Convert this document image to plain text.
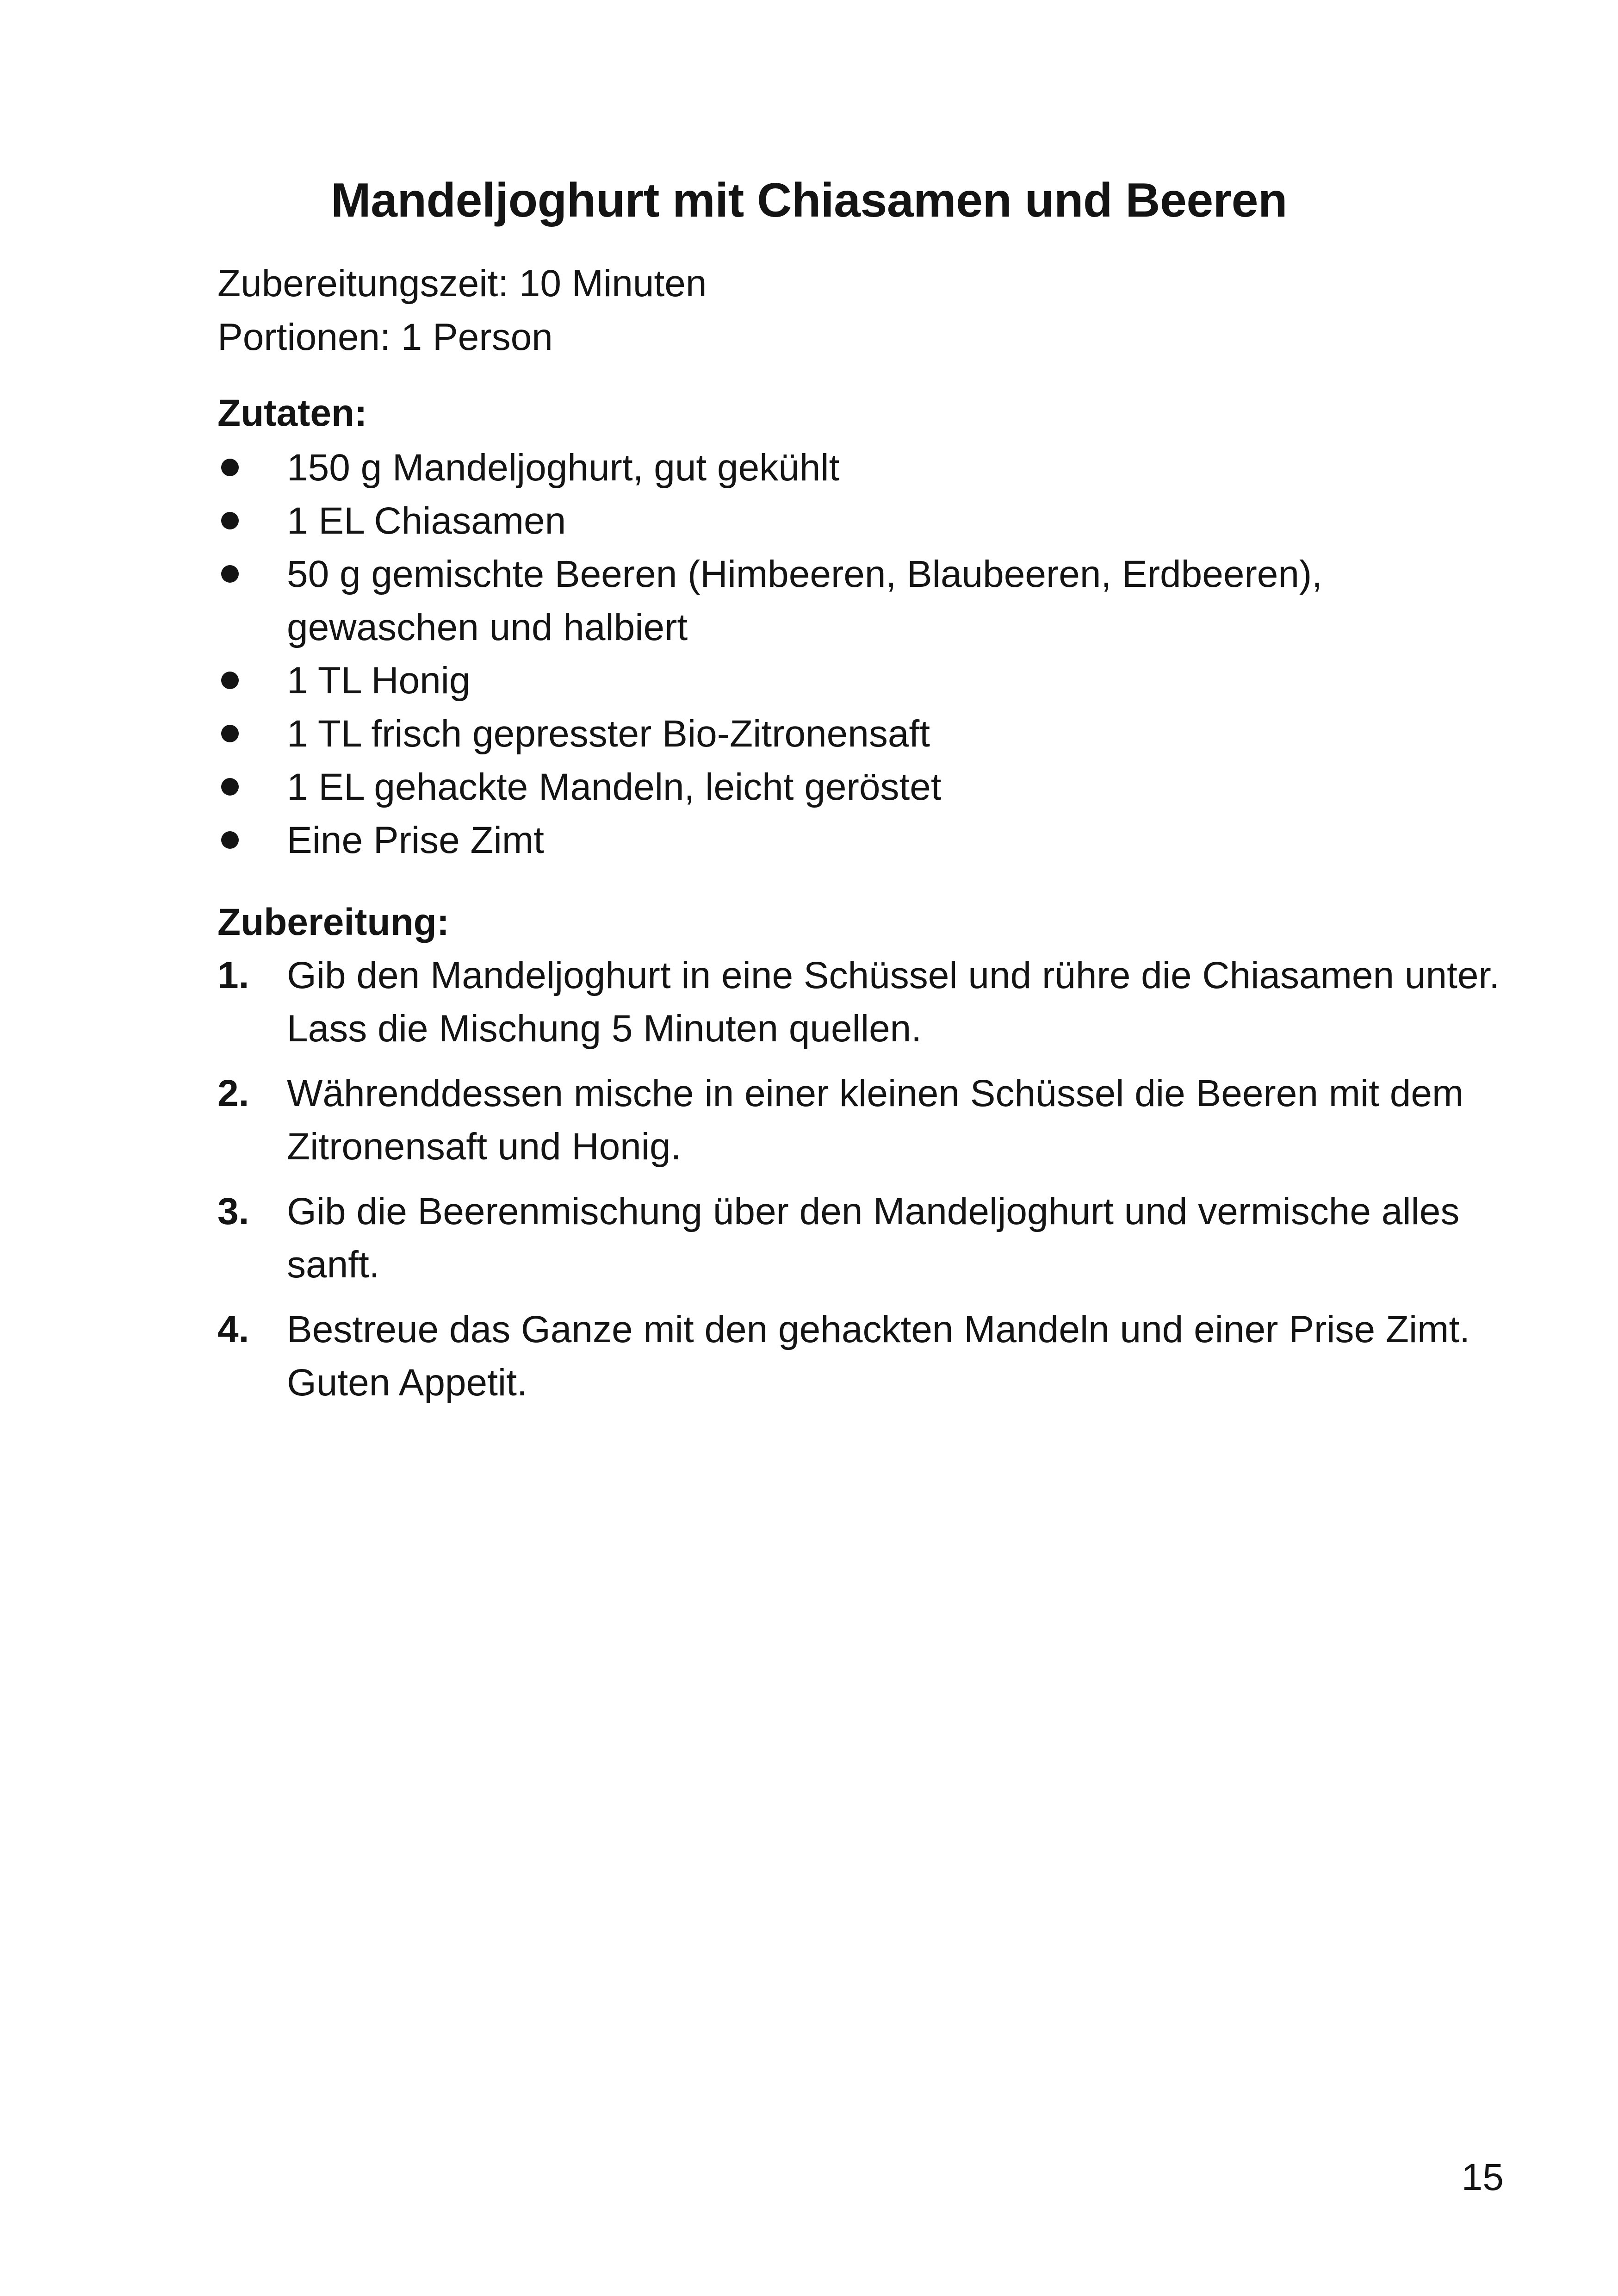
Mandeljoghurt mit Chiasamen und Beeren
Zubereitungszeit: 10 Minuten
Portionen: 1 Person
Zutaten:
150 g Mandeljoghurt, gut gekühlt
1 EL Chiasamen
50 g gemischte Beeren (Himbeeren, Blaubeeren, Erdbeeren), gewaschen und halbiert
1 TL Honig
1 TL frisch gepresster Bio-Zitronensaft
1 EL gehackte Mandeln, leicht geröstet
Eine Prise Zimt
Zubereitung:
1. Gib den Mandeljoghurt in eine Schüssel und rühre die Chiasamen unter. Lass die Mischung 5 Minuten quellen.
2. Währenddessen mische in einer kleinen Schüssel die Beeren mit dem Zitronensaft und Honig.
3. Gib die Beerenmischung über den Mandeljoghurt und vermische alles sanft.
4. Bestreue das Ganze mit den gehackten Mandeln und einer Prise Zimt. Guten Appetit.
15
